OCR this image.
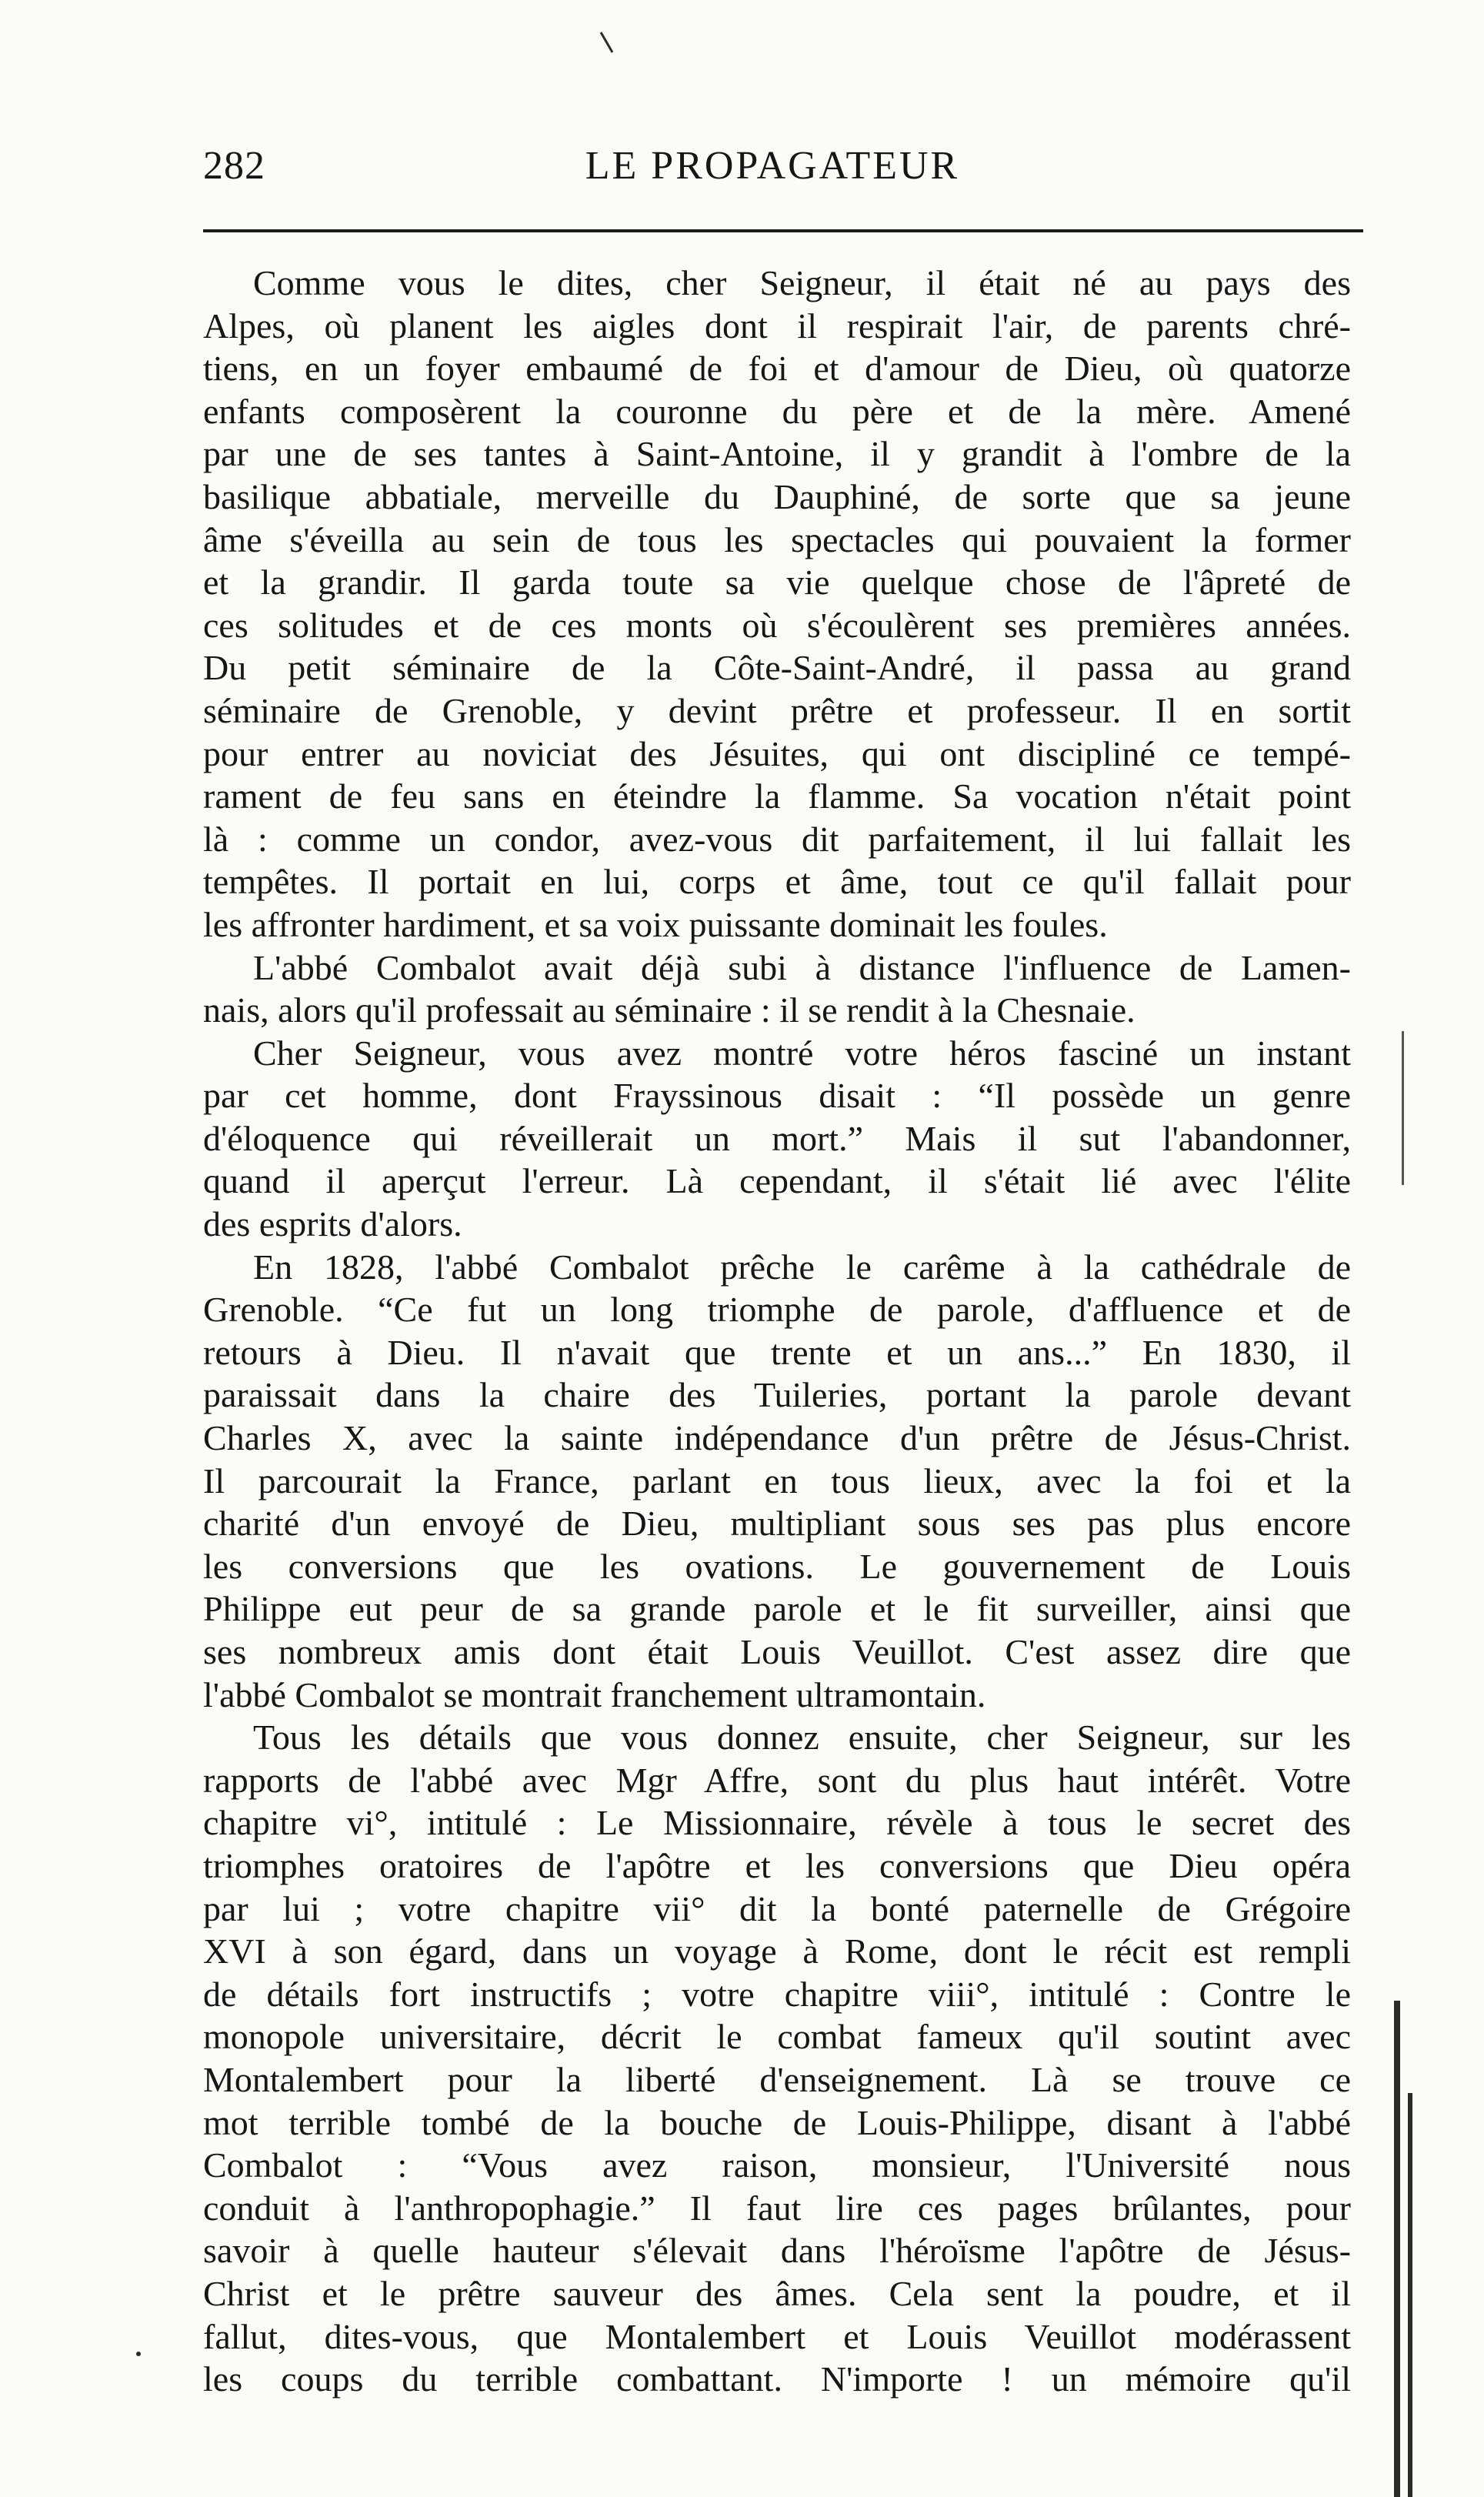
282	LE PROPAGATEUR
Comme vous le dites, cher Seigneur, il était né au pays des
Alpes, où planent les aigles dont il respirait l'air, de parents chré-
tiens, en un foyer embaumé de foi et d'amour de Dieu, où quatorze
enfants composèrent la couronne du père et de la mère. Amené
par une de ses tantes à Saint-Antoine, il y grandit à l'ombre de la
basilique abbatiale, merveille du Dauphiné, de sorte que sa jeune
âme s'éveilla au sein de tous les spectacles qui pouvaient la former
et la grandir. Il garda toute sa vie quelque chose de l'âpreté de
ces solitudes et de ces monts où s'écoulèrent ses premières années.
Du petit séminaire de la Côte-Saint-André, il passa au grand
séminaire de Grenoble, y devint prêtre et professeur. Il en sortit
pour entrer au noviciat des Jésuites, qui ont discipliné ce tempé-
rament de feu sans en éteindre la flamme. Sa vocation n'était point
là : comme un condor, avez-vous dit parfaitement, il lui fallait les
tempêtes. Il portait en lui, corps et âme, tout ce qu'il fallait pour
les affronter hardiment, et sa voix puissante dominait les foules.
L'abbé Combalot avait déjà subi à distance l'influence de Lamen-
nais, alors qu'il professait au séminaire : il se rendit à la Chesnaie.
Cher Seigneur, vous avez montré votre héros fasciné un instant
par cet homme, dont Frayssinous disait : “Il possède un genre
d'éloquence qui réveillerait un mort.” Mais il sut l'abandonner,
quand il aperçut l'erreur. Là cependant, il s'était lié avec l'élite
des esprits d'alors.
En 1828, l'abbé Combalot prêche le carême à la cathédrale de
Grenoble. “Ce fut un long triomphe de parole, d'affluence et de
retours à Dieu. Il n'avait que trente et un ans...” En 1830, il
paraissait dans la chaire des Tuileries, portant la parole devant
Charles X, avec la sainte indépendance d'un prêtre de Jésus-Christ.
Il parcourait la France, parlant en tous lieux, avec la foi et la
charité d'un envoyé de Dieu, multipliant sous ses pas plus encore
les conversions que les ovations. Le gouvernement de Louis
Philippe eut peur de sa grande parole et le fit surveiller, ainsi que
ses nombreux amis dont était Louis Veuillot. C'est assez dire que
l'abbé Combalot se montrait franchement ultramontain.
Tous les détails que vous donnez ensuite, cher Seigneur, sur les
rapports de l'abbé avec Mgr Affre, sont du plus haut intérêt. Votre
chapitre vi°, intitulé : Le Missionnaire, révèle à tous le secret des
triomphes oratoires de l'apôtre et les conversions que Dieu opéra
par lui ; votre chapitre vii° dit la bonté paternelle de Grégoire
XVI à son égard, dans un voyage à Rome, dont le récit est rempli
de détails fort instructifs ; votre chapitre viii°, intitulé : Contre le
monopole universitaire, décrit le combat fameux qu'il soutint avec
Montalembert pour la liberté d'enseignement. Là se trouve ce
mot terrible tombé de la bouche de Louis-Philippe, disant à l'abbé
Combalot : “Vous avez raison, monsieur, l'Université nous
conduit à l'anthropophagie.” Il faut lire ces pages brûlantes, pour
savoir à quelle hauteur s'élevait dans l'héroïsme l'apôtre de Jésus-
Christ et le prêtre sauveur des âmes. Cela sent la poudre, et il
fallut, dites-vous, que Montalembert et Louis Veuillot modérassent
les coups du terrible combattant. N'importe ! un mémoire qu'il
